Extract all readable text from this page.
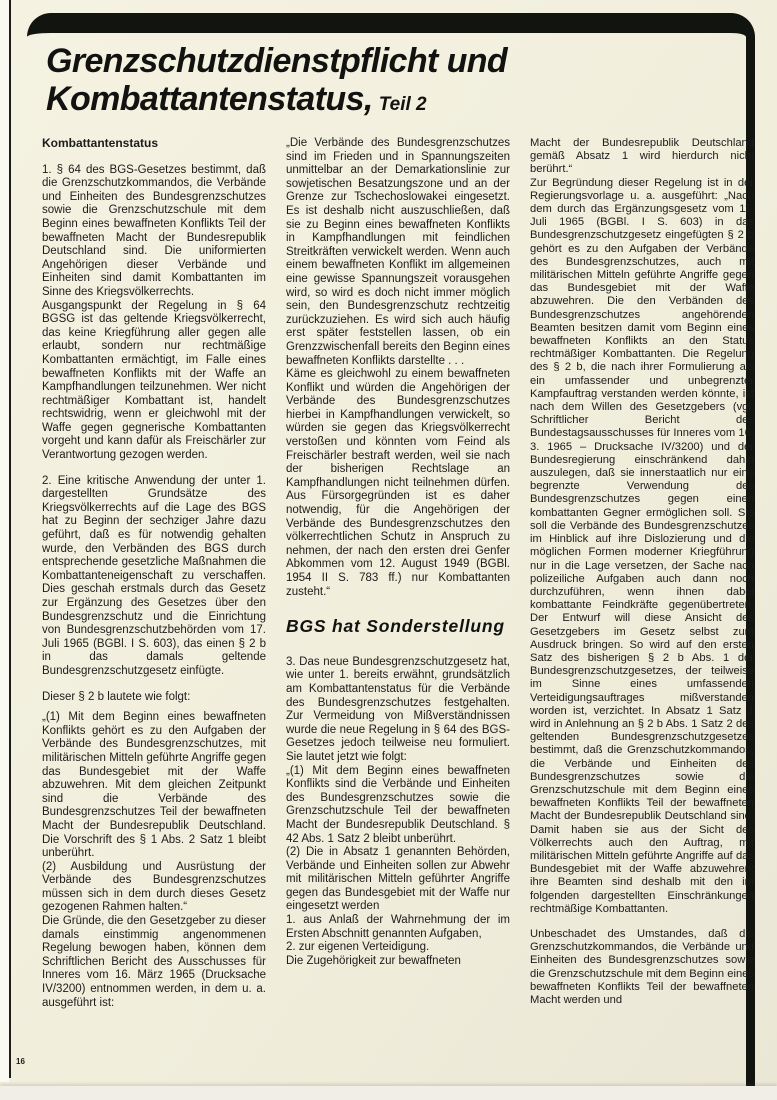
Grenzschutzdienstpflicht und
Kombattantenstatus, Teil 2
Kombattantenstatus

1. § 64 des BGS-Gesetzes bestimmt, daß die Grenzschutzkommandos, die Verbände und Einheiten des Bundesgrenzschutzes sowie die Grenzschutzschule mit dem Beginn eines bewaffneten Konflikts Teil der bewaffneten Macht der Bundesrepublik Deutschland sind. Die uniformierten Angehörigen dieser Verbände und Einheiten sind damit Kombattanten im Sinne des Kriegsvölkerrechts.

Ausgangspunkt der Regelung in § 64 BGSG ist das geltende Kriegsvölkerrecht, das keine Kriegführung aller gegen alle erlaubt, sondern nur rechtmäßige Kombattanten ermächtigt, im Falle eines bewaffneten Konflikts mit der Waffe an Kampfhandlungen teilzunehmen. Wer nicht rechtmäßiger Kombattant ist, handelt rechtswidrig, wenn er gleichwohl mit der Waffe gegen gegnerische Kombattanten vorgeht und kann dafür als Freischärler zur Verantwortung gezogen werden.

2. Eine kritische Anwendung der unter 1. dargestellten Grundsätze des Kriegsvölkerrechts auf die Lage des BGS hat zu Beginn der sechziger Jahre dazu geführt, daß es für notwendig gehalten wurde, den Verbänden des BGS durch entsprechende gesetzliche Maßnahmen die Kombattanteneigenschaft zu verschaffen. Dies geschah erstmals durch das Gesetz zur Ergänzung des Gesetzes über den Bundesgrenzschutz und die Einrichtung von Bundesgrenzschutzbehörden vom 17. Juli 1965 (BGBl. I S. 603), das einen § 2 b in das damals geltende Bundesgrenzschutzgesetz einfügte.

Dieser § 2 b lautete wie folgt:

„(1) Mit dem Beginn eines bewaffneten Konflikts gehört es zu den Aufgaben der Verbände des Bundesgrenzschutzes, mit militärischen Mitteln geführte Angriffe gegen das Bundesgebiet mit der Waffe abzuwehren. Mit dem gleichen Zeitpunkt sind die Verbände des Bundesgrenzschutzes Teil der bewaffneten Macht der Bundesrepublik Deutschland. Die Vorschrift des § 1 Abs. 2 Satz 1 bleibt unberührt.

(2) Ausbildung und Ausrüstung der Verbände des Bundesgrenzschutzes müssen sich in dem durch dieses Gesetz gezogenen Rahmen halten.“

Die Gründe, die den Gesetzgeber zu dieser damals einstimmig angenommenen Regelung bewogen haben, können dem Schriftlichen Bericht des Ausschusses für Inneres vom 16. März 1965 (Drucksache IV/3200) entnommen werden, in dem u. a. ausgeführt ist:

„Die Verbände des Bundesgrenzschutzes sind im Frieden und in Spannungszeiten unmittelbar an der Demarkationslinie zur sowjetischen Besatzungszone und an der Grenze zur Tschechoslowakei eingesetzt. Es ist deshalb nicht auszuschließen, daß sie zu Beginn eines bewaffneten Konflikts in Kampfhandlungen mit feindlichen Streitkräften verwickelt werden. Wenn auch einem bewaffneten Konflikt im allgemeinen eine gewisse Spannungszeit vorausgehen wird, so wird es doch nicht immer möglich sein, den Bundesgrenzschutz rechtzeitig zurückzuziehen. Es wird sich auch häufig erst später feststellen lassen, ob ein Grenzzwischenfall bereits den Beginn eines bewaffneten Konflikts darstellte . . .

Käme es gleichwohl zu einem bewaffneten Konflikt und würden die Angehörigen der Verbände des Bundesgrenzschutzes hierbei in Kampfhandlungen verwickelt, so würden sie gegen das Kriegsvölkerrecht verstoßen und könnten vom Feind als Freischärler bestraft werden, weil sie nach der bisherigen Rechtslage an Kampfhandlungen nicht teilnehmen dürfen. Aus Fürsorgegründen ist es daher notwendig, für die Angehörigen der Verbände des Bundesgrenzschutzes den völkerrechtlichen Schutz in Anspruch zu nehmen, der nach den ersten drei Genfer Abkommen vom 12. August 1949 (BGBl. 1954 II S. 783 ff.) nur Kombattanten zusteht.“

BGS hat Sonderstellung

3. Das neue Bundesgrenzschutzgesetz hat, wie unter 1. bereits erwähnt, grundsätzlich am Kombattantenstatus für die Verbände des Bundesgrenzschutzes festgehalten. Zur Vermeidung von Mißverständnissen wurde die neue Regelung in § 64 des BGS-Gesetzes jedoch teilweise neu formuliert. Sie lautet jetzt wie folgt:

„(1) Mit dem Beginn eines bewaffneten Konflikts sind die Verbände und Einheiten des Bundesgrenzschutzes sowie die Grenzschutzschule Teil der bewaffneten Macht der Bundesrepublik Deutschland. § 42 Abs. 1 Satz 2 bleibt unberührt.

(2) Die in Absatz 1 genannten Behörden, Verbände und Einheiten sollen zur Abwehr mit militärischen Mitteln geführter Angriffe gegen das Bundesgebiet mit der Waffe nur eingesetzt werden

1. aus Anlaß der Wahrnehmung der im Ersten Abschnitt genannten Aufgaben,

2. zur eigenen Verteidigung.

Die Zugehörigkeit zur bewaffneten

Macht der Bundesrepublik Deutschland gemäß Absatz 1 wird hierdurch nicht berührt.“

Zur Begründung dieser Regelung ist in der Regierungsvorlage u. a. ausgeführt: „Nach dem durch das Ergänzungsgesetz vom 11. Juli 1965 (BGBl. I S. 603) in das Bundesgrenzschutzgesetz eingefügten § 2 b gehört es zu den Aufgaben der Verbände des Bundesgrenzschutzes, auch mit militärischen Mitteln geführte Angriffe gegen das Bundesgebiet mit der Waffe abzuwehren. Die den Verbänden des Bundesgrenzschutzes angehörenden Beamten besitzen damit vom Beginn eines bewaffneten Konflikts an den Status rechtmäßiger Kombattanten. Die Regelung des § 2 b, die nach ihrer Formulierung als ein umfassender und unbegrenzter Kampfauftrag verstanden werden könnte, ist nach dem Willen des Gesetzgebers (vgl. Schriftlicher Bericht des Bundestagsausschusses für Inneres vom 16. 3. 1965 – Drucksache IV/3200) und der Bundesregierung einschränkend dahin auszulegen, daß sie innerstaatlich nur eine begrenzte Verwendung des Bundesgrenzschutzes gegen einen kombattanten Gegner ermöglichen soll. Sie soll die Verbände des Bundesgrenzschutzes im Hinblick auf ihre Dislozierung und die möglichen Formen moderner Kriegführung nur in die Lage versetzen, der Sache nach polizeiliche Aufgaben auch dann noch durchzuführen, wenn ihnen dabei kombattante Feindkräfte gegenübertreten. Der Entwurf will diese Ansicht des Gesetzgebers im Gesetz selbst zum Ausdruck bringen. So wird auf den ersten Satz des bisherigen § 2 b Abs. 1 der Bundesgrenzschutzgesetzes, der teilweise im Sinne eines umfassenden Verteidigungsauftrages mißverstanden worden ist, verzichtet. In Absatz 1 Satz 1 wird in Anlehnung an § 2 b Abs. 1 Satz 2 des geltenden Bundesgrenzschutzgesetzes bestimmt, daß die Grenzschutzkommandos, die Verbände und Einheiten des Bundesgrenzschutzes sowie die Grenzschutzschule mit dem Beginn eines bewaffneten Konflikts Teil der bewaffneten Macht der Bundesrepublik Deutschland sind. Damit haben sie aus der Sicht des Völkerrechts auch den Auftrag, mit militärischen Mitteln geführte Angriffe auf das Bundesgebiet mit der Waffe abzuwehren; ihre Beamten sind deshalb mit den im folgenden dargestellten Einschränkungen rechtmäßige Kombattanten.

Unbeschadet des Umstandes, daß die Grenzschutzkommandos, die Verbände und Einheiten des Bundesgrenzschutzes sowie die Grenzschutzschule mit dem Beginn eines bewaffneten Konflikts Teil der bewaffneten Macht werden und

16
